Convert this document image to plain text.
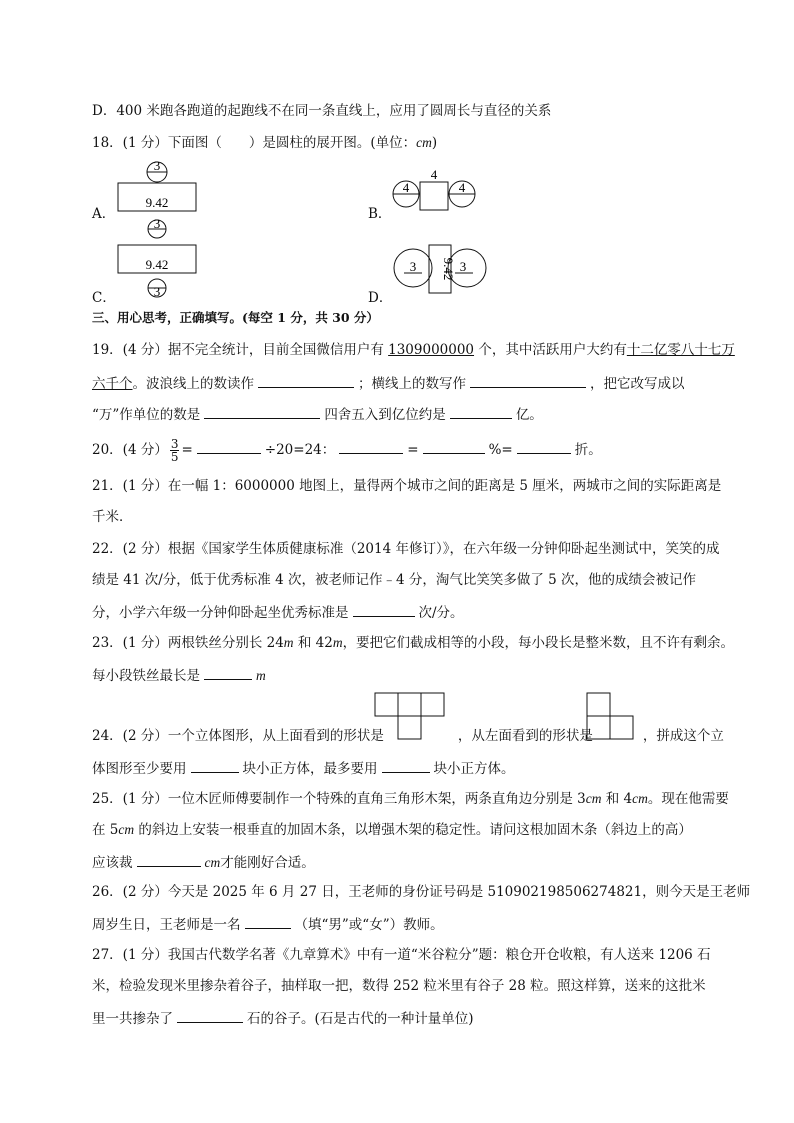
D．400 米跑各跑道的起跑线不在同一条直线上，应用了圆周长与直径的关系
18．(1 分）下面图（　　）是圆柱的展开图。(单位：cm)
A．
3
9.42
B．
4
4
4
C．
3
9.42
3	D．
3 9.42 3
三、用心思考，正确填写。(每空 1 分，共 30 分）
19．(4 分）据不完全统计，目前全国微信用户有 1309000000 个，其中活跃用户大约有十二亿零八十七万
六千个。波浪线上的数读作	；横线上的数写作	，把它改写成以
“万”作单位的数是	四舍五入到亿位约是	亿。
20．(4 分） $\frac{3}{5}$ =	÷20=24：	=	%=	折。
21．(1 分）在一幅 1：6000000 地图上，量得两个城市之间的距离是 5 厘米，两城市之间的实际距离是
千米．
22．(2 分）根据《国家学生体质健康标准（2014 年修订）》，在六年级一分钟仰卧起坐测试中，笑笑的成
绩是 41 次/分，低于优秀标准 4 次，被老师记作﹣4 分，淘气比笑笑多做了 5 次，他的成绩会被记作
分，小学六年级一分钟仰卧起坐优秀标准是	次/分。
23．(1 分）两根铁丝分别长 24m 和 42m，要把它们截成相等的小段，每小段长是整米数，且不许有剩余。
每小段铁丝最长是	m
24．(2 分）一个立体图形，从上面看到的形状是	，从左面看到的形状是	，拼成这个立
体图形至少要用	块小正方体，最多要用	块小正方体。
25．(1 分）一位木匠师傅要制作一个特殊的直角三角形木架，两条直角边分别是 3cm 和 4cm。现在他需要
在 5cm 的斜边上安装一根垂直的加固木条，以增强木架的稳定性。请问这根加固木条（斜边上的高）
应该裁	cm才能刚好合适。
26．(2 分）今天是 2025 年 6 月 27 日，王老师的身份证号码是 510902198506274821，则今天是王老师
周岁生日，王老师是一名	（填“男”或“女”）教师。
27．(1 分）我国古代数学名著《九章算术》中有一道“米谷粒分”题：粮仓开仓收粮，有人送来 1206 石
米，检验发现米里掺杂着谷子，抽样取一把，数得 252 粒米里有谷子 28 粒。照这样算，送来的这批米
里一共掺杂了	石的谷子。(石是古代的一种计量单位)
